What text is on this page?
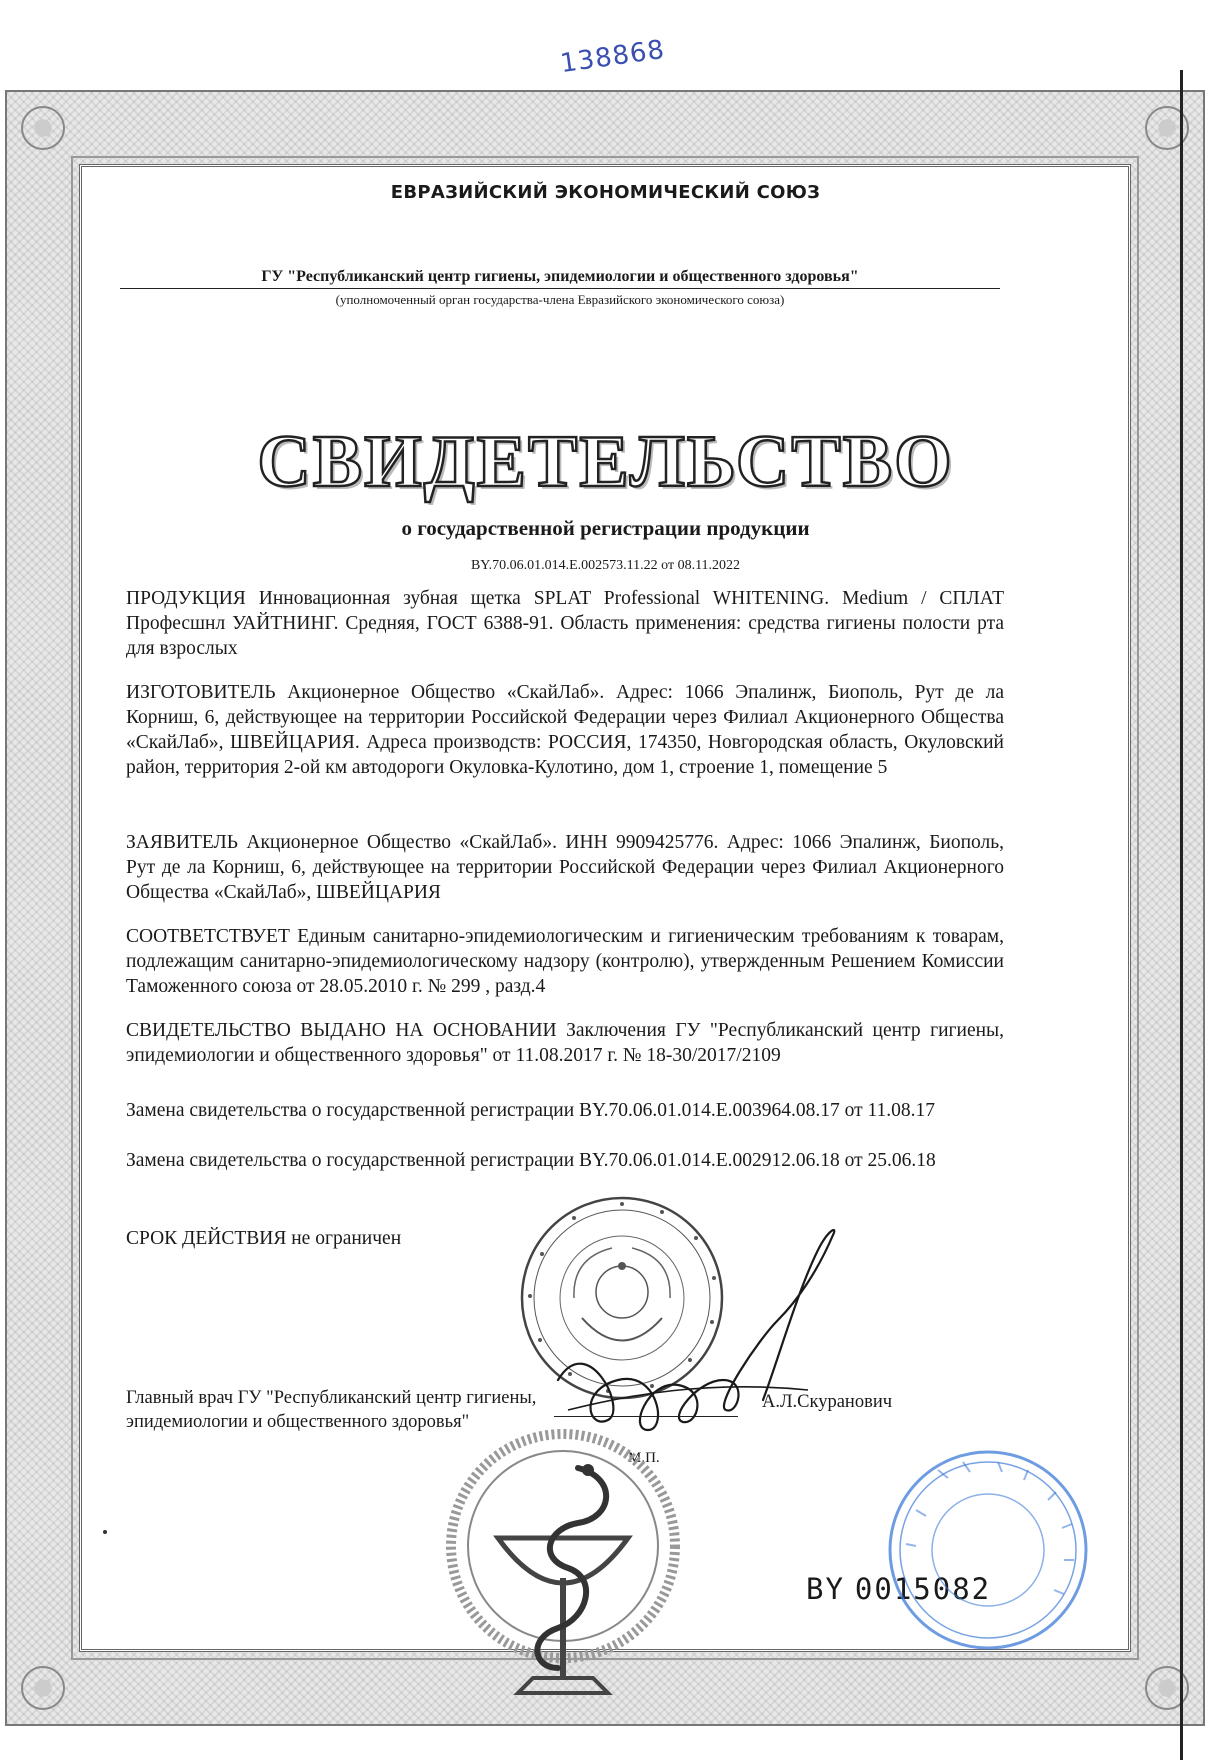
138868
ЕВРАЗИЙСКИЙ ЭКОНОМИЧЕСКИЙ СОЮЗ
ГУ "Республиканский центр гигиены, эпидемиологии и общественного здоровья"
(уполномоченный орган государства-члена Евразийского экономического союза)
СВИДЕТЕЛЬСТВО
о государственной регистрации продукции
BY.70.06.01.014.E.002573.11.22 от 08.11.2022
ПРОДУКЦИЯ Инновационная зубная щетка SPLAT Professional WHITENING. Medium / СПЛАТ Професшнл УАЙТНИНГ. Средняя, ГОСТ 6388-91. Область применения: средства гигиены полости рта для взрослых
ИЗГОТОВИТЕЛЬ Акционерное Общество «СкайЛаб». Адрес: 1066 Эпалинж, Биополь, Рут де ла Корниш, 6, действующее на территории Российской Федерации через Филиал Акционерного Общества «СкайЛаб», ШВЕЙЦАРИЯ. Адреса производств: РОССИЯ, 174350, Новгородская область, Окуловский район, территория 2-ой км автодороги Окуловка-Кулотино, дом 1, строение 1, помещение 5
ЗАЯВИТЕЛЬ Акционерное Общество «СкайЛаб». ИНН 9909425776. Адрес: 1066 Эпалинж, Биополь, Рут де ла Корниш, 6, действующее на территории Российской Федерации через Филиал Акционерного Общества «СкайЛаб», ШВЕЙЦАРИЯ
СООТВЕТСТВУЕТ Единым санитарно-эпидемиологическим и гигиеническим требованиям к товарам, подлежащим санитарно-эпидемиологическому надзору (контролю), утвержденным Решением Комиссии Таможенного союза от 28.05.2010 г. № 299 , разд.4
СВИДЕТЕЛЬСТВО ВЫДАНО НА ОСНОВАНИИ Заключения ГУ "Республиканский центр гигиены, эпидемиологии и общественного здоровья" от 11.08.2017 г. № 18-30/2017/2109
Замена свидетельства о государственной регистрации BY.70.06.01.014.E.003964.08.17 от 11.08.17
Замена свидетельства о государственной регистрации BY.70.06.01.014.E.002912.06.18 от 25.06.18
СРОК ДЕЙСТВИЯ не ограничен
Главный врач ГУ "Республиканский центр гигиены, эпидемиологии и общественного здоровья"
А.Л.Скуранович
М.П.
BY 0015082
